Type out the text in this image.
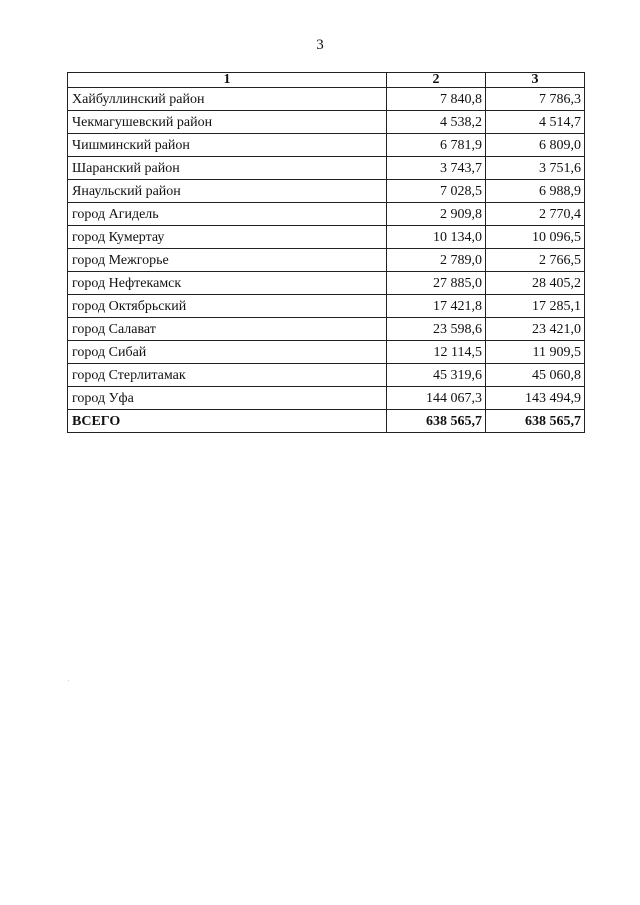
3
1	2	3
Хайбуллинский район	7 840,8	7 786,3
Чекмагушевский район	4 538,2	4 514,7
Чишминский район	6 781,9	6 809,0
Шаранский район	3 743,7	3 751,6
Янаульский район	7 028,5	6 988,9
город Агидель	2 909,8	2 770,4
город Кумертау	10 134,0	10 096,5
город Межгорье	2 789,0	2 766,5
город Нефтекамск	27 885,0	28 405,2
город Октябрьский	17 421,8	17 285,1
город Салават	23 598,6	23 421,0
город Сибай	12 114,5	11 909,5
город Стерлитамак	45 319,6	45 060,8
город Уфа	144 067,3	143 494,9
ВСЕГО	638 565,7	638 565,7
